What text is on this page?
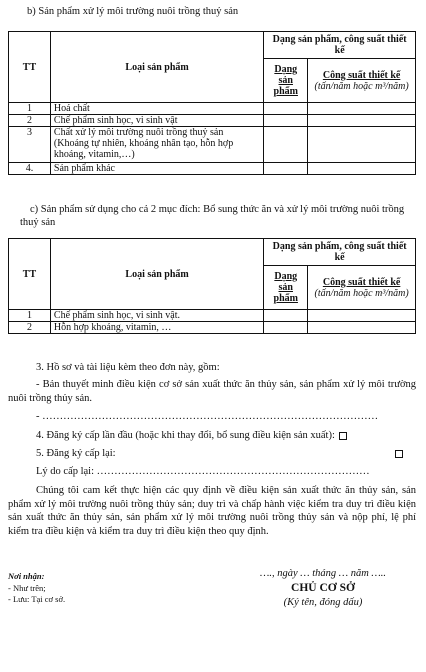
b) Sản phẩm xử lý môi trường nuôi trồng thuỷ sản
TT	Loại sản phẩm	Dạng sản phẩm, công suất thiết kế	
		Dạng sản phẩm	Công suất thiết kế
(tấn/năm hoặc m³/năm)
1	Hoá chất		
2	Chế phẩm sinh học, vi sinh vật		
3	Chất xử lý môi trường nuôi trồng thuỷ sản (Khoáng tự nhiên, khoáng nhân tạo, hỗn hợp khoáng, vitamin,…)		
4.	Sản phẩm khác		
c) Sản phẩm sử dụng cho cả 2 mục đích: Bổ sung thức ăn và xử lý môi trường nuôi trồng thuỷ sản
TT	Loại sản phẩm	Dạng sản phẩm, công suất thiết kế	
		Dạng sản phẩm	Công suất thiết kế
(tấn/năm hoặc m³/năm)
1	Chế phẩm sinh học, vi sinh vật.		
2	Hỗn hợp khoáng, vitamin, …		
3. Hồ sơ và tài liệu kèm theo đơn này, gồm:
- Bản thuyết minh điều kiện cơ sở sản xuất thức ăn thủy sản, sản phẩm xử lý môi trường nuôi trồng thủy sản.
- ……………………………………………………………………………………
4. Đăng ký cấp lần đầu (hoặc khi thay đổi, bổ sung điều kiện sản xuất):
5. Đăng ký cấp lại:
Lý do cấp lại: ……………………………………………………………………
Chúng tôi cam kết thực hiện các quy định về điều kiện sản xuất thức ăn thủy sản, sản phẩm xử lý môi trường nuôi trồng thủy sản; duy trì và chấp hành việc kiểm tra duy trì điều kiện sản xuất thức ăn thủy sản, sản phẩm xử lý môi trường nuôi trồng thủy sản và nộp phí, lệ phí kiểm tra điều kiện và kiểm tra duy trì điều kiện theo quy định.
Nơi nhận:
- Như trên;
- Lưu: Tại cơ sở.
…., ngày … tháng … năm …..
CHỦ CƠ SỞ
(Ký tên, đóng dấu)
